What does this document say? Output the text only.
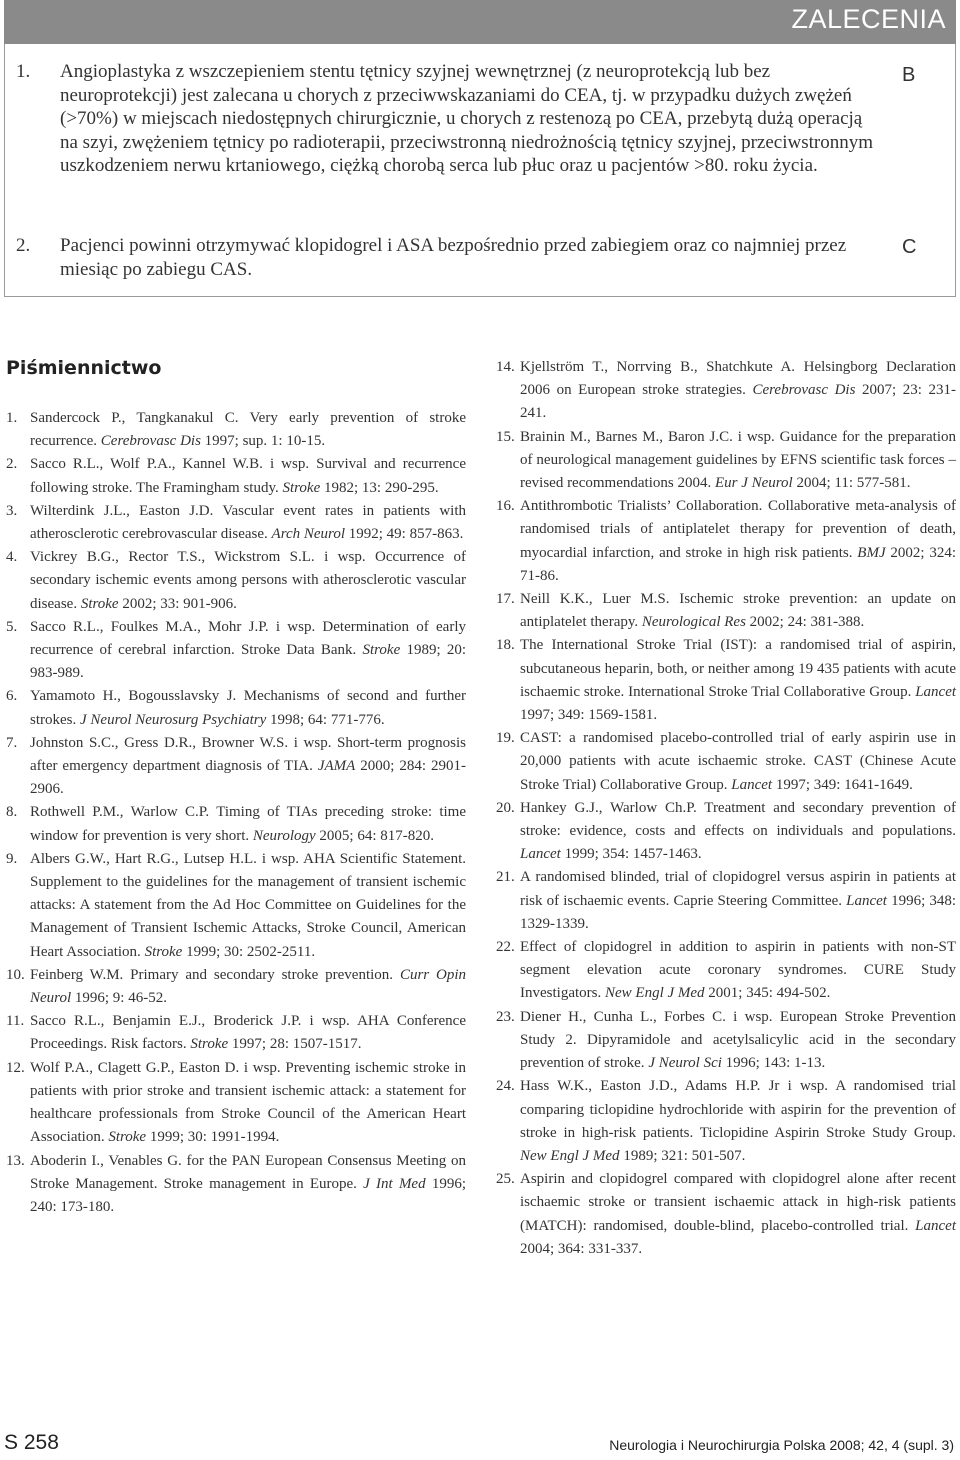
ZALECENIA
1. Angioplastyka z wszczepieniem stentu tętnicy szyjnej wewnętrznej (z neuroprotekcją lub bez neuroprotekcji) jest zalecana u chorych z przeciwwskazaniami do CEA, tj. w przypadku dużych zwężeń (>70%) w miejscach niedostępnych chirurgicznie, u chorych z restenozą po CEA, przebytą dużą operacją na szyi, zwężeniem tętnicy po radioterapii, przeciwstronną niedrożnością tętnicy szyjnej, przeciwstronnym uszkodzeniem nerwu krtaniowego, ciężką chorobą serca lub płuc oraz u pacjentów >80. roku życia.
B
2. Pacjenci powinni otrzymywać klopidogrel i ASA bezpośrednio przed zabiegiem oraz co najmniej przez miesiąc po zabiegu CAS.
C
Piśmiennictwo
1. Sandercock P., Tangkanakul C. Very early prevention of stroke recurrence. Cerebrovasc Dis 1997; sup. 1: 10-15.
2. Sacco R.L., Wolf P.A., Kannel W.B. i wsp. Survival and recurrence following stroke. The Framingham study. Stroke 1982; 13: 290-295.
3. Wilterdink J.L., Easton J.D. Vascular event rates in patients with atherosclerotic cerebrovascular disease. Arch Neurol 1992; 49: 857-863.
4. Vickrey B.G., Rector T.S., Wickstrom S.L. i wsp. Occurrence of secondary ischemic events among persons with atherosclerotic vascular disease. Stroke 2002; 33: 901-906.
5. Sacco R.L., Foulkes M.A., Mohr J.P. i wsp. Determination of early recurrence of cerebral infarction. Stroke Data Bank. Stroke 1989; 20: 983-989.
6. Yamamoto H., Bogousslavsky J. Mechanisms of second and further strokes. J Neurol Neurosurg Psychiatry 1998; 64: 771-776.
7. Johnston S.C., Gress D.R., Browner W.S. i wsp. Short-term prognosis after emergency department diagnosis of TIA. JAMA 2000; 284: 2901-2906.
8. Rothwell P.M., Warlow C.P. Timing of TIAs preceding stroke: time window for prevention is very short. Neurology 2005; 64: 817-820.
9. Albers G.W., Hart R.G., Lutsep H.L. i wsp. AHA Scientific Statement. Supplement to the guidelines for the management of transient ischemic attacks: A statement from the Ad Hoc Committee on Guidelines for the Management of Transient Ischemic Attacks, Stroke Council, American Heart Association. Stroke 1999; 30: 2502-2511.
10. Feinberg W.M. Primary and secondary stroke prevention. Curr Opin Neurol 1996; 9: 46-52.
11. Sacco R.L., Benjamin E.J., Broderick J.P. i wsp. AHA Conference Proceedings. Risk factors. Stroke 1997; 28: 1507-1517.
12. Wolf P.A., Clagett G.P., Easton D. i wsp. Preventing ischemic stroke in patients with prior stroke and transient ischemic attack: a statement for healthcare professionals from Stroke Council of the American Heart Association. Stroke 1999; 30: 1991-1994.
13. Aboderin I., Venables G. for the PAN European Consensus Meeting on Stroke Management. Stroke management in Europe. J Int Med 1996; 240: 173-180.
14. Kjellström T., Norrving B., Shatchkute A. Helsingborg Declaration 2006 on European stroke strategies. Cerebrovasc Dis 2007; 23: 231-241.
15. Brainin M., Barnes M., Baron J.C. i wsp. Guidance for the preparation of neurological management guidelines by EFNS scientific task forces – revised recommendations 2004. Eur J Neurol 2004; 11: 577-581.
16. Antithrombotic Trialists’ Collaboration. Collaborative meta-analysis of randomised trials of antiplatelet therapy for prevention of death, myocardial infarction, and stroke in high risk patients. BMJ 2002; 324: 71-86.
17. Neill K.K., Luer M.S. Ischemic stroke prevention: an update on antiplatelet therapy. Neurological Res 2002; 24: 381-388.
18. The International Stroke Trial (IST): a randomised trial of aspirin, subcutaneous heparin, both, or neither among 19 435 patients with acute ischaemic stroke. International Stroke Trial Collaborative Group. Lancet 1997; 349: 1569-1581.
19. CAST: a randomised placebo-controlled trial of early aspirin use in 20,000 patients with acute ischaemic stroke. CAST (Chinese Acute Stroke Trial) Collaborative Group. Lancet 1997; 349: 1641-1649.
20. Hankey G.J., Warlow Ch.P. Treatment and secondary prevention of stroke: evidence, costs and effects on individuals and populations. Lancet 1999; 354: 1457-1463.
21. A randomised blinded, trial of clopidogrel versus aspirin in patients at risk of ischaemic events. Caprie Steering Committee. Lancet 1996; 348: 1329-1339.
22. Effect of clopidogrel in addition to aspirin in patients with non-ST segment elevation acute coronary syndromes. CURE Study Investigators. New Engl J Med 2001; 345: 494-502.
23. Diener H., Cunha L., Forbes C. i wsp. European Stroke Prevention Study 2. Dipyramidole and acetylsalicylic acid in the secondary prevention of stroke. J Neurol Sci 1996; 143: 1-13.
24. Hass W.K., Easton J.D., Adams H.P. Jr i wsp. A randomised trial comparing ticlopidine hydrochloride with aspirin for the prevention of stroke in high-risk patients. Ticlopidine Aspirin Stroke Study Group. New Engl J Med 1989; 321: 501-507.
25. Aspirin and clopidogrel compared with clopidogrel alone after recent ischaemic stroke or transient ischaemic attack in high-risk patients (MATCH): randomised, double-blind, placebo-controlled trial. Lancet 2004; 364: 331-337.
S 258	Neurologia i Neurochirurgia Polska 2008; 42, 4 (supl. 3)
